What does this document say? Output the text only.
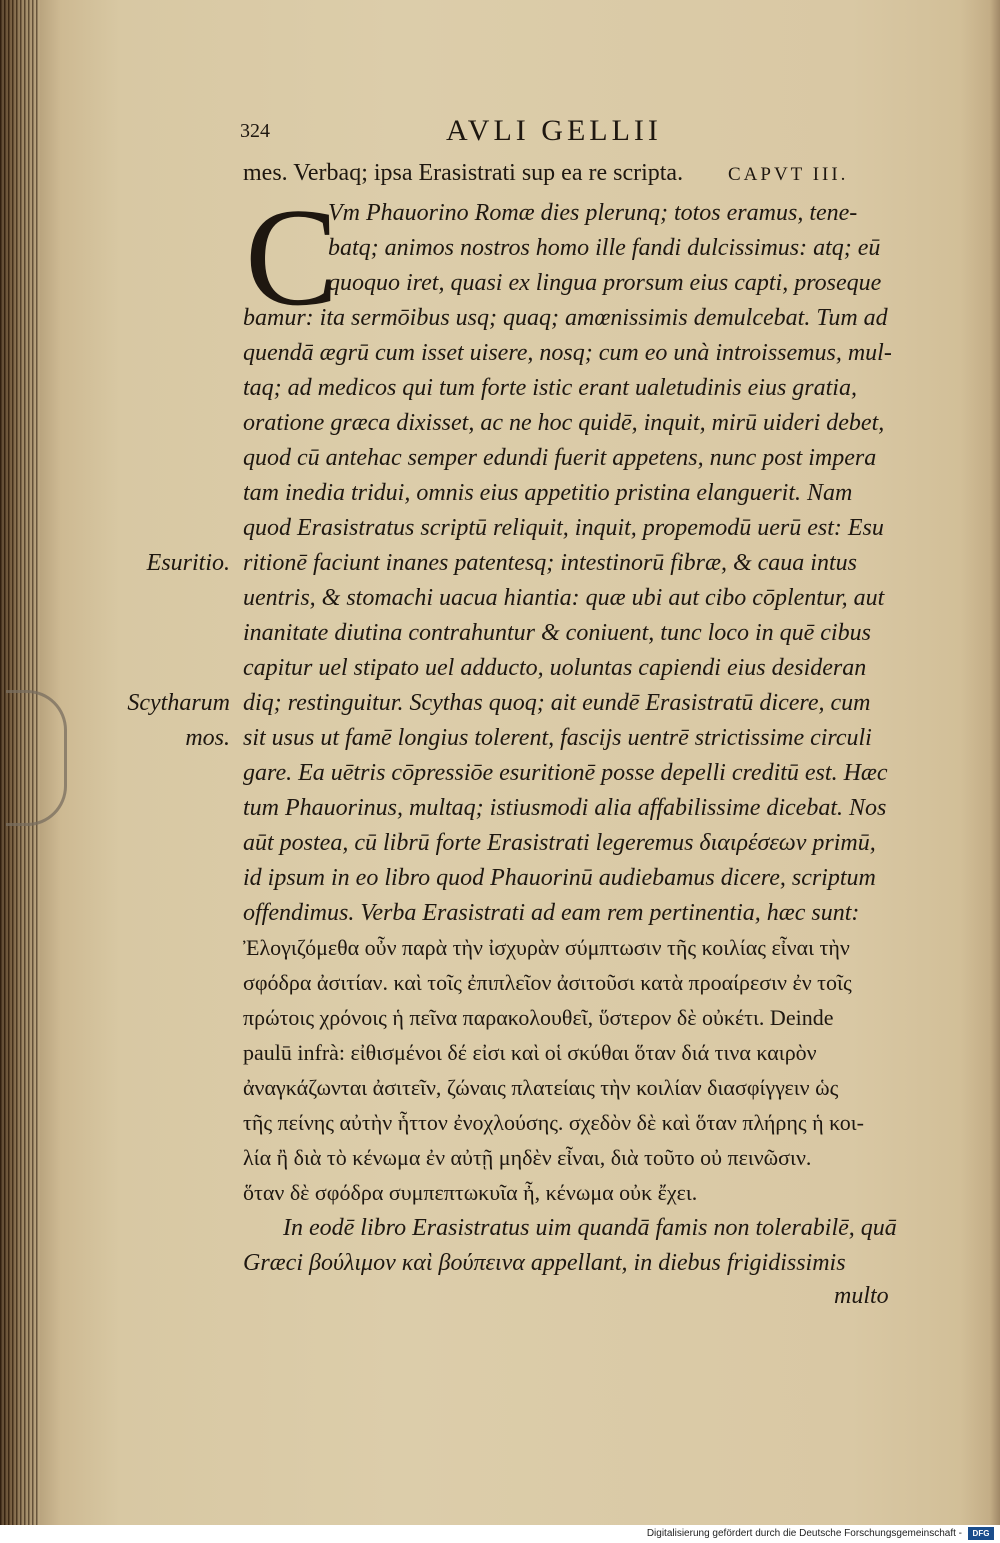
324	AVLI GELLII
mes. Verbaq; ipsa Erasistrati sup ea re scripta. CAPVT III.
C
Vm Phauorino Romæ dies plerunq; totos eramus, tene-
batq; animos nostros homo ille fandi dulcissimus: atq; eū
quoquo iret, quasi ex lingua prorsum eius capti, proseque
bamur: ita sermōibus usq; quaq; amœnissimis demulcebat. Tum ad
quendā ægrū cum isset uisere, nosq; cum eo unà introissemus, mul-
taq; ad medicos qui tum forte istic erant ualetudinis eius gratia,
oratione græca dixisset, ac ne hoc quidē, inquit, mirū uideri debet,
quod cū antehac semper edundi fuerit appetens, nunc post impera
tam inedia tridui, omnis eius appetitio pristina elanguerit. Nam
quod Erasistratus scriptū reliquit, inquit, propemodū uerū est: Esu
ritionē faciunt inanes patentesq; intestinorū fibræ, & caua intus
uentris, & stomachi uacua hiantia: quæ ubi aut cibo cōplentur, aut
inanitate diutina contrahuntur & coniuent, tunc loco in quē cibus
capitur uel stipato uel adducto, uoluntas capiendi eius desideran
diq; restinguitur. Scythas quoq; ait eundē Erasistratū dicere, cum
sit usus ut famē longius tolerent, fascijs uentrē strictissime circuli
gare. Ea uētris cōpressiōe esuritionē posse depelli creditū est. Hæc
tum Phauorinus, multaq; istiusmodi alia affabilissime dicebat. Nos
aūt postea, cū librū forte Erasistrati legeremus διαιρέσεων primū,
id ipsum in eo libro quod Phauorinū audiebamus dicere, scriptum
offendimus. Verba Erasistrati ad eam rem pertinentia, hæc sunt:
Ἐλογιζόμεθα οὖν παρὰ τὴν ἰσχυρὰν σύμπτωσιν τῆς κοιλίας εἶναι τὴν
σφόδρα ἀσιτίαν. καὶ τοῖς ἐπιπλεῖον ἀσιτοῦσι κατὰ προαίρεσιν ἐν τοῖς
πρώτοις χρόνοις ἡ πεῖνα παρακολουθεῖ, ὕστερον δὲ οὐκέτι. Deinde
paulū infrà: εἰθισμένοι δέ εἰσι καὶ οἱ σκύθαι ὅταν διά τινα καιρὸν
ἀναγκάζωνται ἀσιτεῖν, ζώναις πλατείαις τὴν κοιλίαν διασφίγγειν ὡς
τῆς πείνης αὐτὴν ἧττον ἐνοχλούσης. σχεδὸν δὲ καὶ ὅταν πλήρης ἡ κοι-
λία ἢ διὰ τὸ κένωμα ἐν αὐτῇ μηδὲν εἶναι, διὰ τοῦτο οὐ πεινῶσιν.
ὅταν δὲ σφόδρα συμπεπτωκυῖα ἦ, κένωμα οὐκ ἔχει.
In eodē libro Erasistratus uim quandā famis non tolerabilē, quā
Græci βούλιμον καὶ βούπεινα appellant, in diebus frigidissimis
multo
Esuritio.
Scytharum
mos.
Digitalisierung gefördert durch die Deutsche Forschungsgemeinschaft -	DFG
